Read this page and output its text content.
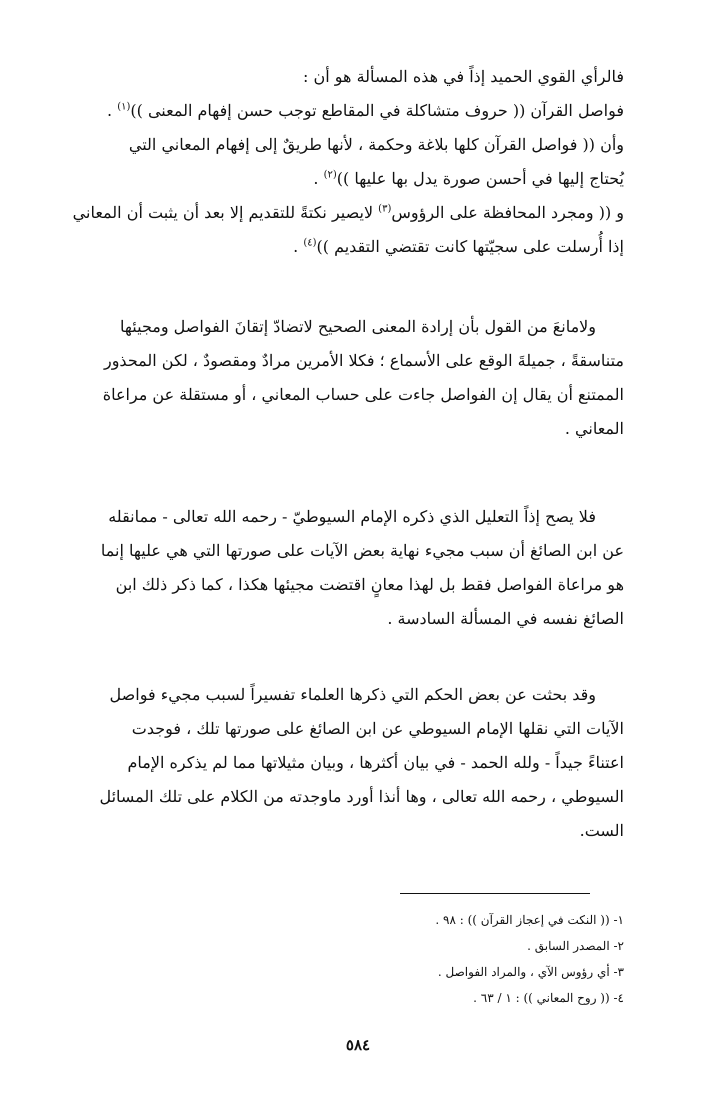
فالرأي القوي الحميد إذاً في هذه المسألة هو أن :
فواصل القرآن (( حروف متشاكلة في المقاطع توجب حسن إفهام المعنى ))$^{(١)}$ .
وأن (( فواصل القرآن كلها بلاغة وحكمة ، لأنها طريقٌ إلى إفهام المعاني التي
يُحتاج إليها في أحسن صورة يدل بها عليها ))$^{(٢)}$ .
و (( ومجرد المحافظة على الرؤوس$^{(٣)}$ لايصير نكتةً للتقديم إلا بعد أن يثبت أن المعاني
إذا أُرسلت على سجيّتها كانت تقتضي التقديم ))$^{(٤)}$ .
ولامانعَ من القول بأن إرادة المعنى الصحيح لاتضادّ إتقانَ الفواصل ومجيئها
متناسقةً ، جميلةَ الوقع على الأسماع ؛ فكلا الأمرين مرادٌ ومقصودٌ ، لكن المحذور
الممتنع أن يقال إن الفواصل جاءت على حساب المعاني ، أو مستقلة عن مراعاة
المعاني .
فلا يصح إذاً التعليل الذي ذكره الإمام السيوطيّ - رحمه الله تعالى - ممانقله
عن ابن الصائغ أن سبب مجيء نهاية بعض الآيات على صورتها التي هي عليها إنما
هو مراعاة الفواصل فقط بل لهذا معانٍ اقتضت مجيئها هكذا ، كما ذكر ذلك ابن
الصائغ نفسه في المسألة السادسة .
وقد بحثت عن بعض الحكم التي ذكرها العلماء تفسيراً لسبب مجيء فواصل
الآيات التي نقلها الإمام السيوطي عن ابن الصائغ على صورتها تلك ، فوجدت
اعتناءً جيداً - ولله الحمد - في بيان أكثرها ، وبيان مثيلاتها مما لم يذكره الإمام
السيوطي ، رحمه الله تعالى ، وها أنذا أورد ماوجدته من الكلام على تلك المسائل
الست.
١- (( النكت في إعجاز القرآن )) : ٩٨ .
٢- المصدر السابق .
٣- أي رؤوس الآي ، والمراد الفواصل .
٤- (( روح المعاني )) : ١ / ٦٣ .
٥٨٤
